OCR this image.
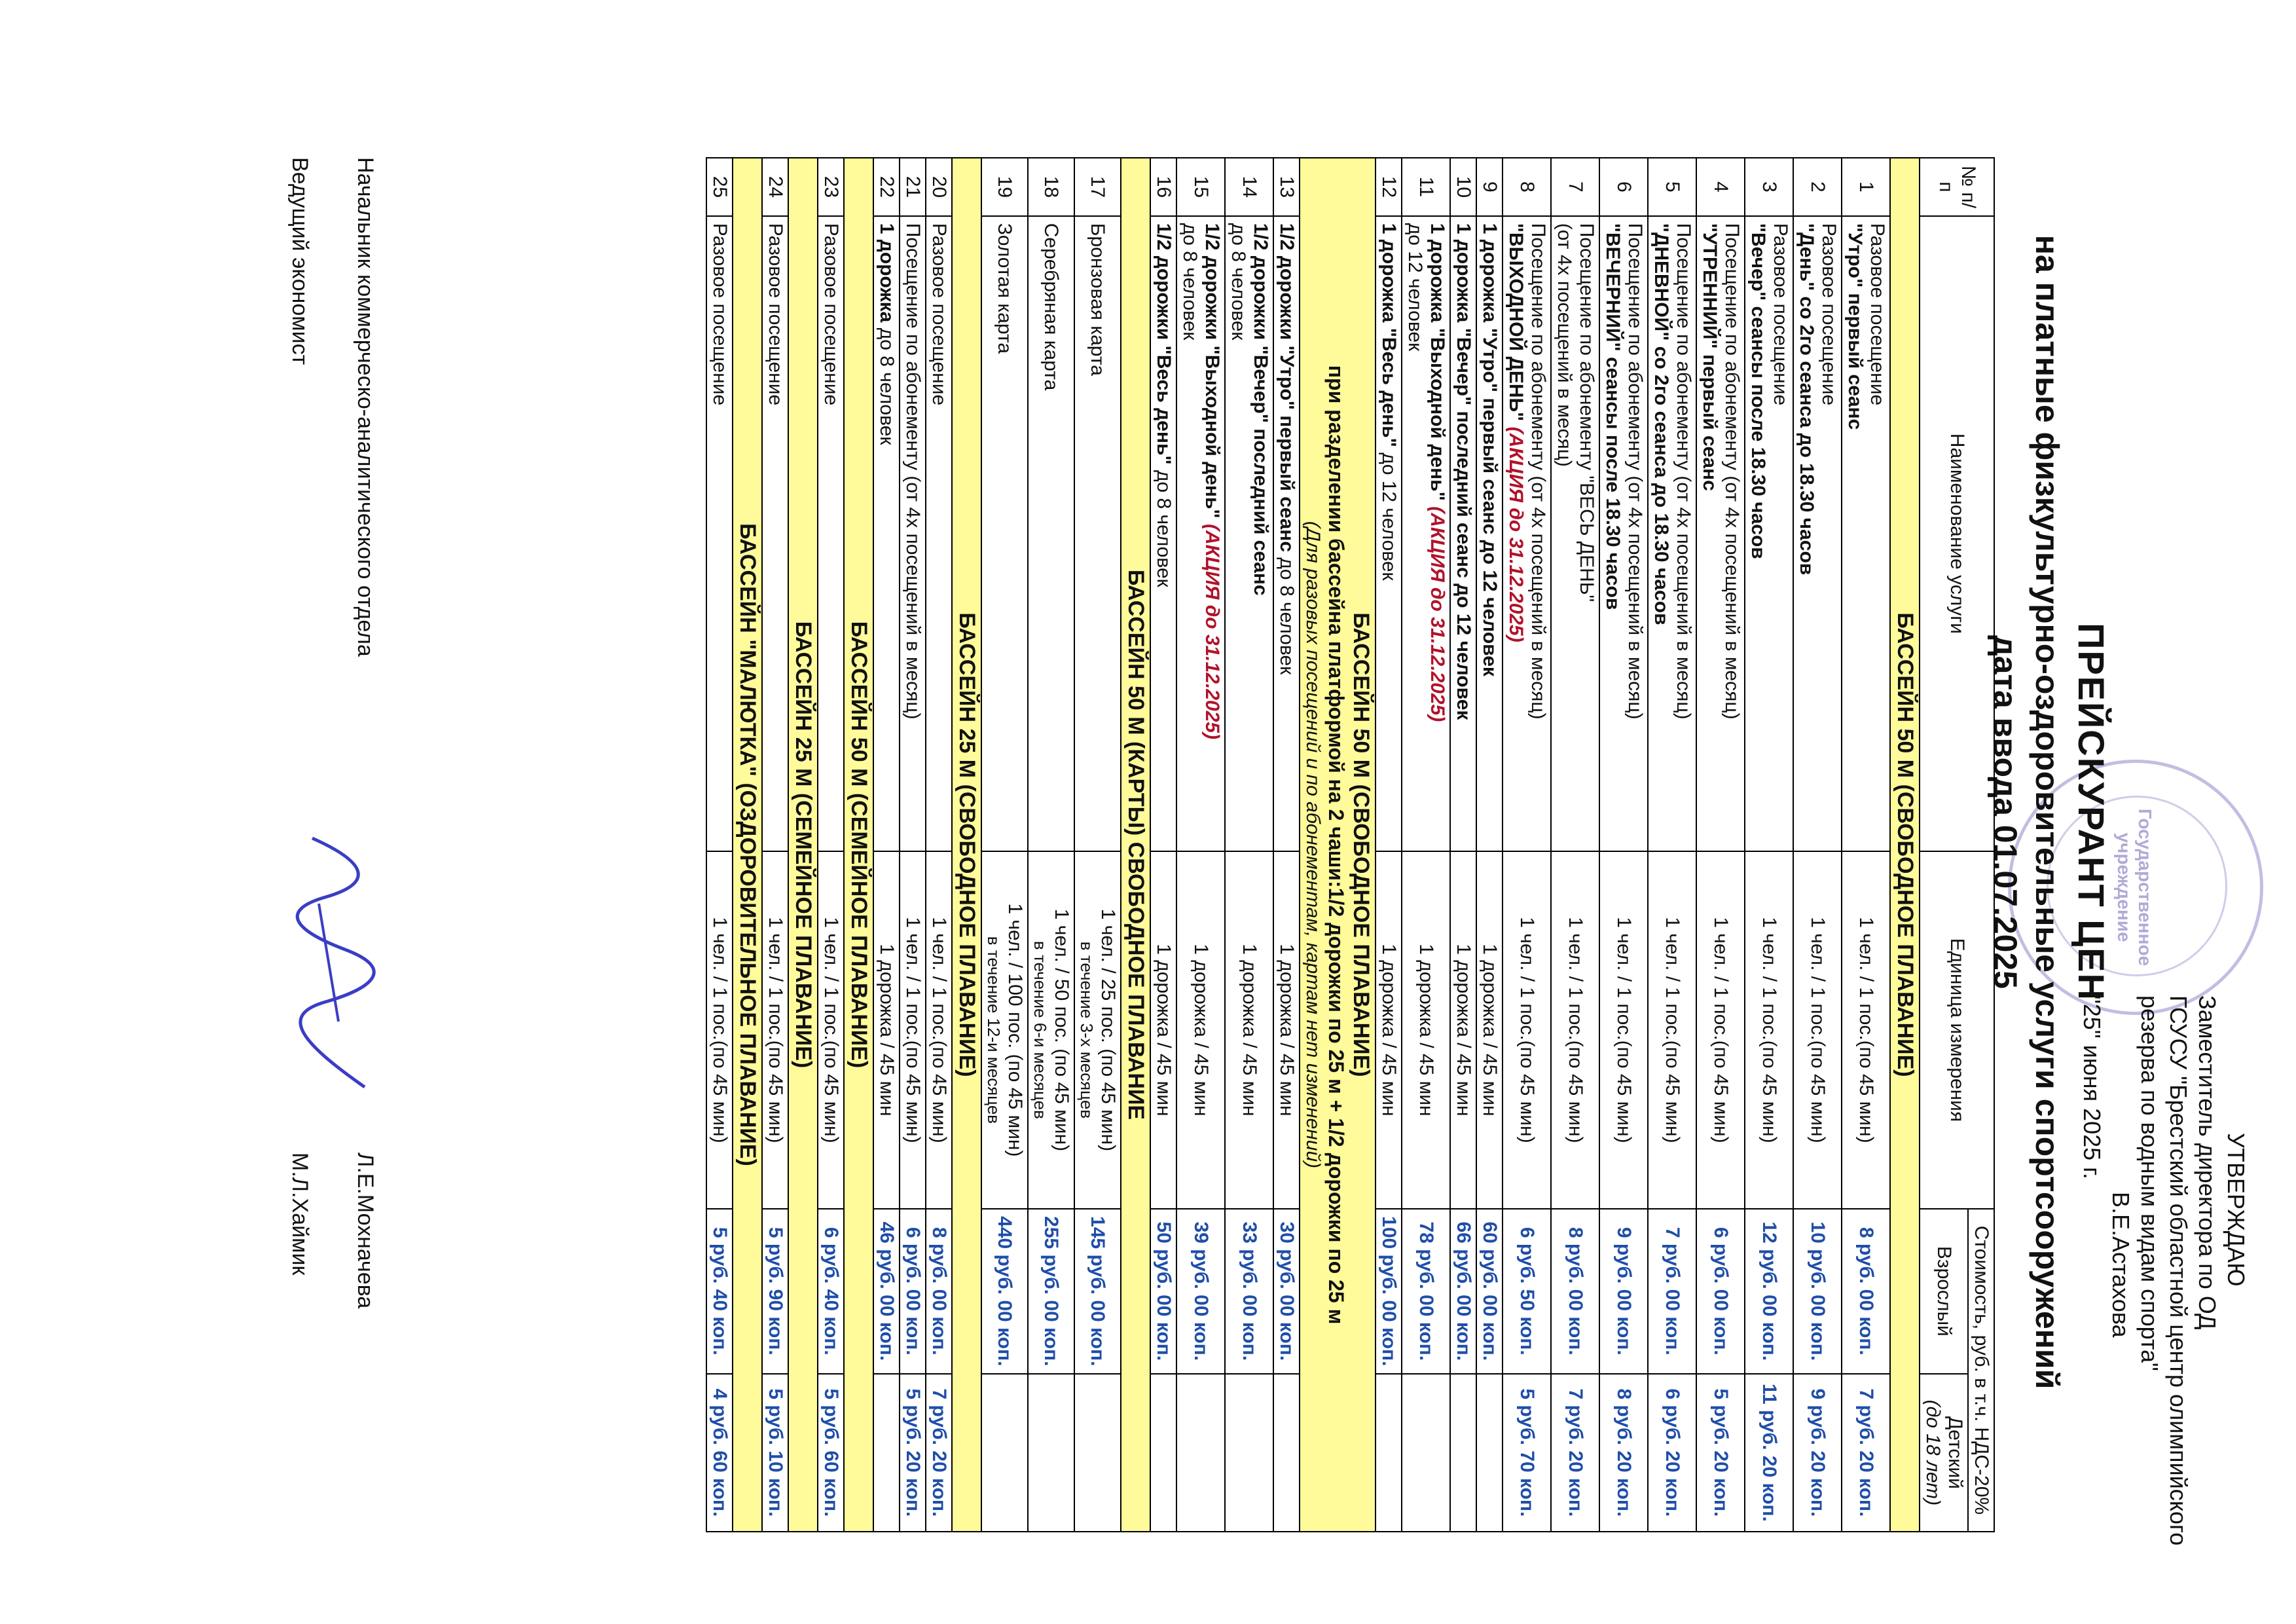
Государственное учреждение
УТВЕРЖДАЮ
Заместитель директора по ОД
ГСУСУ "Брестский областной центр олимпийского
резерва по водным видам спорта"
В.Е.Астахова
"25" июня 2025 г.
ПРЕЙСКУРАНТ ЦЕН
на платные физкультурно-оздоровительные услуги спортсооружений
дата ввода 01.07.2025
№ п/п	Наименование услуги	Единица измерения	Стоимость, руб. в т.ч. НДС-20%	
			Взрослый	Детский
(до 18 лет)
БАССЕЙН 50 М (СВОБОДНОЕ ПЛАВАНИЕ)				
1	Разовое посещение
"Утро" первый сеанс	1 чел. / 1 пос.(по 45 мин)	8 руб. 00 коп.	7 руб. 20 коп.
2	Разовое посещение
"День" со 2го сеанса до 18.30 часов	1 чел. / 1 пос.(по 45 мин)	10 руб. 00 коп.	9 руб. 20 коп.
3	Разовое посещение
"Вечер" сеансы после 18.30 часов	1 чел. / 1 пос.(по 45 мин)	12 руб. 00 коп.	11 руб. 20 коп.
4	Посещение по абонементу (от 4х посещений в месяц)
"УТРЕННИЙ" первый сеанс	1 чел. / 1 пос.(по 45 мин)	6 руб. 00 коп.	5 руб. 20 коп.
5	Посещение по абонементу (от 4х посещений в месяц)
"ДНЕВНОЙ" со 2го сеанса до 18.30 часов	1 чел. / 1 пос.(по 45 мин)	7 руб. 00 коп.	6 руб. 20 коп.
6	Посещение по абонементу (от 4х посещений в месяц)
"ВЕЧЕРНИЙ" сеансы после 18.30 часов	1 чел. / 1 пос.(по 45 мин)	9 руб. 00 коп.	8 руб. 20 коп.
7	Посещение по абонементу "ВЕСЬ ДЕНЬ"
(от 4х посещений в месяц)	1 чел. / 1 пос.(по 45 мин)	8 руб. 00 коп.	7 руб. 20 коп.
8	Посещение по абонементу (от 4х посещений в месяц)
"ВЫХОДНОЙ ДЕНЬ" (АКЦИЯ до 31.12.2025)	1 чел. / 1 пос.(по 45 мин)	6 руб. 50 коп.	5 руб. 70 коп.
9	1 дорожка "Утро" первый сеанс до 12 человек	1 дорожка / 45 мин	60 руб. 00 коп.	
10	1 дорожка "Вечер" последний сеанс до 12 человек	1 дорожка / 45 мин	66 руб. 00 коп.	
11	1 дорожка "Выходной день" (АКЦИЯ до 31.12.2025)
до 12 человек	1 дорожка / 45 мин	78 руб. 00 коп.	
12	1 дорожка "Весь день" до 12 человек	1 дорожка / 45 мин	100 руб. 00 коп.	
БАССЕЙН 50 М (СВОБОДНОЕ ПЛАВАНИЕ)
при разделении бассейна платформой на 2 чаши:1/2 дорожки по 25 м + 1/2 дорожки по 25 м
(Для разовых посещений и по абонементам, картам нет изменений)				

13	1/2 дорожки "Утро" первый сеанс до 8 человек	1 дорожка / 45 мин	30 руб. 00 коп.	
14	1/2 дорожки "Вечер" последний сеанс
до 8 человек	1 дорожка / 45 мин	33 руб. 00 коп.	
15	1/2 дорожки "Выходной день" (АКЦИЯ до 31.12.2025)
до 8 человек	1 дорожка / 45 мин	39 руб. 00 коп.	
16	1/2 дорожки "Весь день" до 8 человек	1 дорожка / 45 мин	50 руб. 00 коп.	
БАССЕЙН 50 М (КАРТЫ) СВОБОДНОЕ ПЛАВАНИЕ				
17	Бронзовая карта	1 чел. / 25 пос. (по 45 мин)
в течение 3-х месяцев	145 руб. 00 коп.	
18	Серебряная карта	1 чел. / 50 пос. (по 45 мин)
в течение 6-и месяцев	255 руб. 00 коп.	
19	Золотая карта	1 чел. / 100 пос. (по 45 мин)
в течение 12-и месяцев	440 руб. 00 коп.	
БАССЕЙН 25 М (СВОБОДНОЕ ПЛАВАНИЕ)				
20	Разовое посещение	1 чел. / 1 пос.(по 45 мин)	8 руб. 00 коп.	7 руб. 20 коп.
21	Посещение по абонементу (от 4х посещений в месяц)	1 чел. / 1 пос.(по 45 мин)	6 руб. 00 коп.	5 руб. 20 коп.
22	1 дорожка до 8 человек	1 дорожка / 45 мин	46 руб. 00 коп.	
БАССЕЙН 50 М (СЕМЕЙНОЕ ПЛАВАНИЕ)				
23	Разовое посещение	1 чел. / 1 пос.(по 45 мин)	6 руб. 40 коп.	5 руб. 60 коп.
БАССЕЙН 25 М (СЕМЕЙНОЕ ПЛАВАНИЕ)				
24	Разовое посещение	1 чел. / 1 пос.(по 45 мин)	5 руб. 90 коп.	5 руб. 10 коп.
БАССЕЙН "МАЛЮТКА" (ОЗДОРОВИТЕЛЬНОЕ ПЛАВАНИЕ)				
25	Разовое посещение	1 чел. / 1 пос.(по 45 мин)	5 руб. 40 коп.	4 руб. 60 коп.
Начальник коммерческо-аналитического отдела
Л.Е.Мохначева
Ведущий экономист
М.Л.Хаймик
